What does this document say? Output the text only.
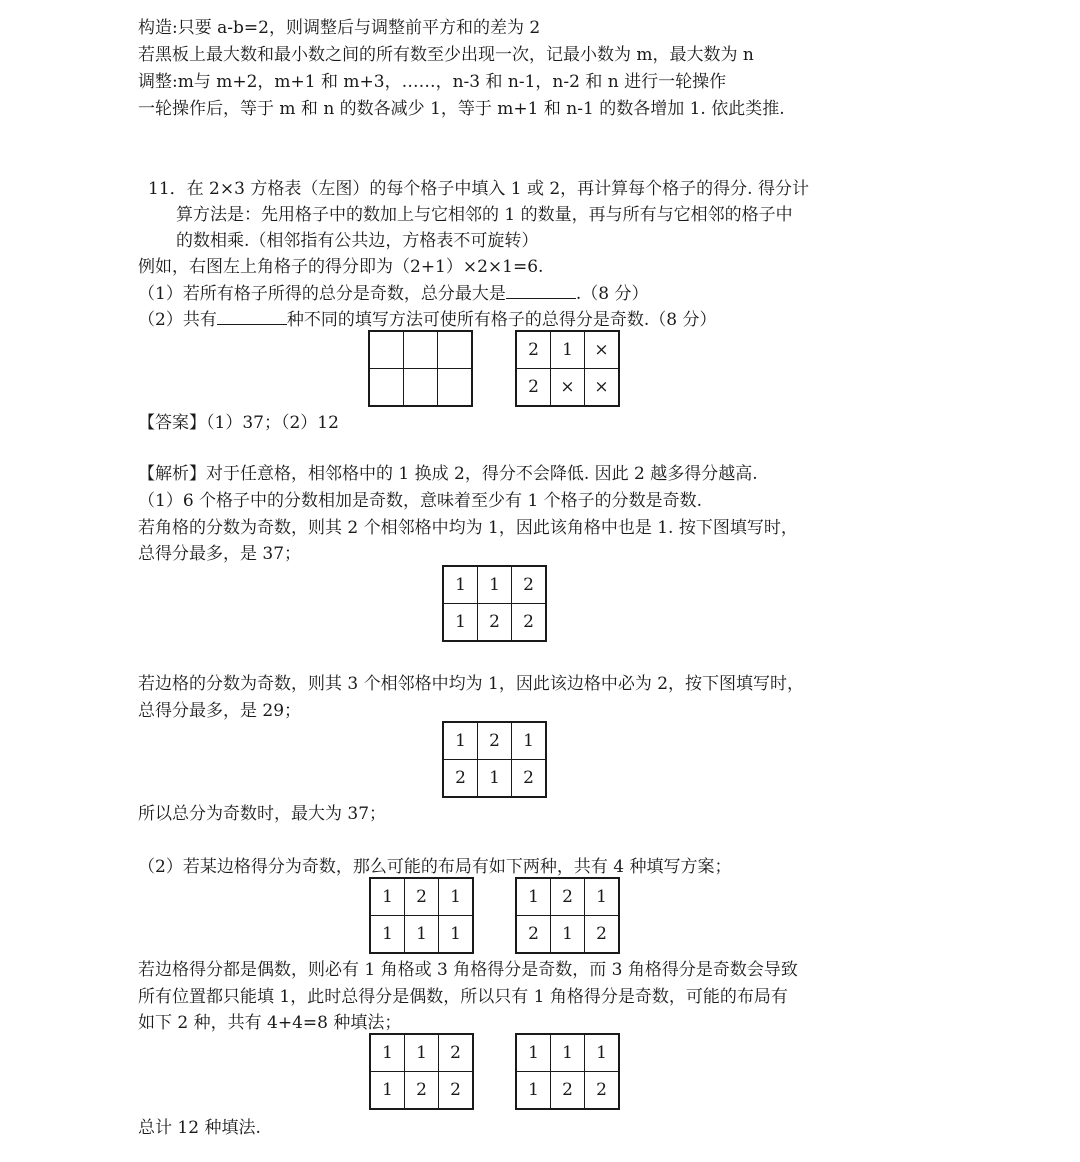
构造:只要 a-b=2，则调整后与调整前平方和的差为 2
若黑板上最大数和最小数之间的所有数至少出现一次，记最小数为 m，最大数为 n
调整:m与 m+2，m+1 和 m+3，……，n-3 和 n-1，n-2 和 n 进行一轮操作
一轮操作后，等于 m 和 n 的数各减少 1，等于 m+1 和 n-1 的数各增加 1. 依此类推.
11．在 2×3 方格表（左图）的每个格子中填入 1 或 2，再计算每个格子的得分. 得分计
算方法是：先用格子中的数加上与它相邻的 1 的数量，再与所有与它相邻的格子中
的数相乘.（相邻指有公共边，方格表不可旋转）
例如，右图左上角格子的得分即为（2+1）×2×1=6.
（1）若所有格子所得的总分是奇数，总分最大是	.（8 分）
（2）共有	种不同的填写方法可使所有格子的总得分是奇数.（8 分）

2	1	×
2	×	×
【答案】（1）37；（2）12
【解析】对于任意格，相邻格中的 1 换成 2，得分不会降低. 因此 2 越多得分越高.
（1）6 个格子中的分数相加是奇数，意味着至少有 1 个格子的分数是奇数.
若角格的分数为奇数，则其 2 个相邻格中均为 1，因此该角格中也是 1. 按下图填写时，
总得分最多，是 37；
1	1	2
1	2	2
若边格的分数为奇数，则其 3 个相邻格中均为 1，因此该边格中必为 2，按下图填写时，
总得分最多，是 29；
1	2	1
2	1	2
所以总分为奇数时，最大为 37；
（2）若某边格得分为奇数，那么可能的布局有如下两种，共有 4 种填写方案；
1	2	1
1	1	1
1	2	1
2	1	2
若边格得分都是偶数，则必有 1 角格或 3 角格得分是奇数，而 3 角格得分是奇数会导致
所有位置都只能填 1，此时总得分是偶数，所以只有 1 角格得分是奇数，可能的布局有
如下 2 种，共有 4+4=8 种填法；
1	1	2
1	2	2
1	1	1
1	2	2
总计 12 种填法.
